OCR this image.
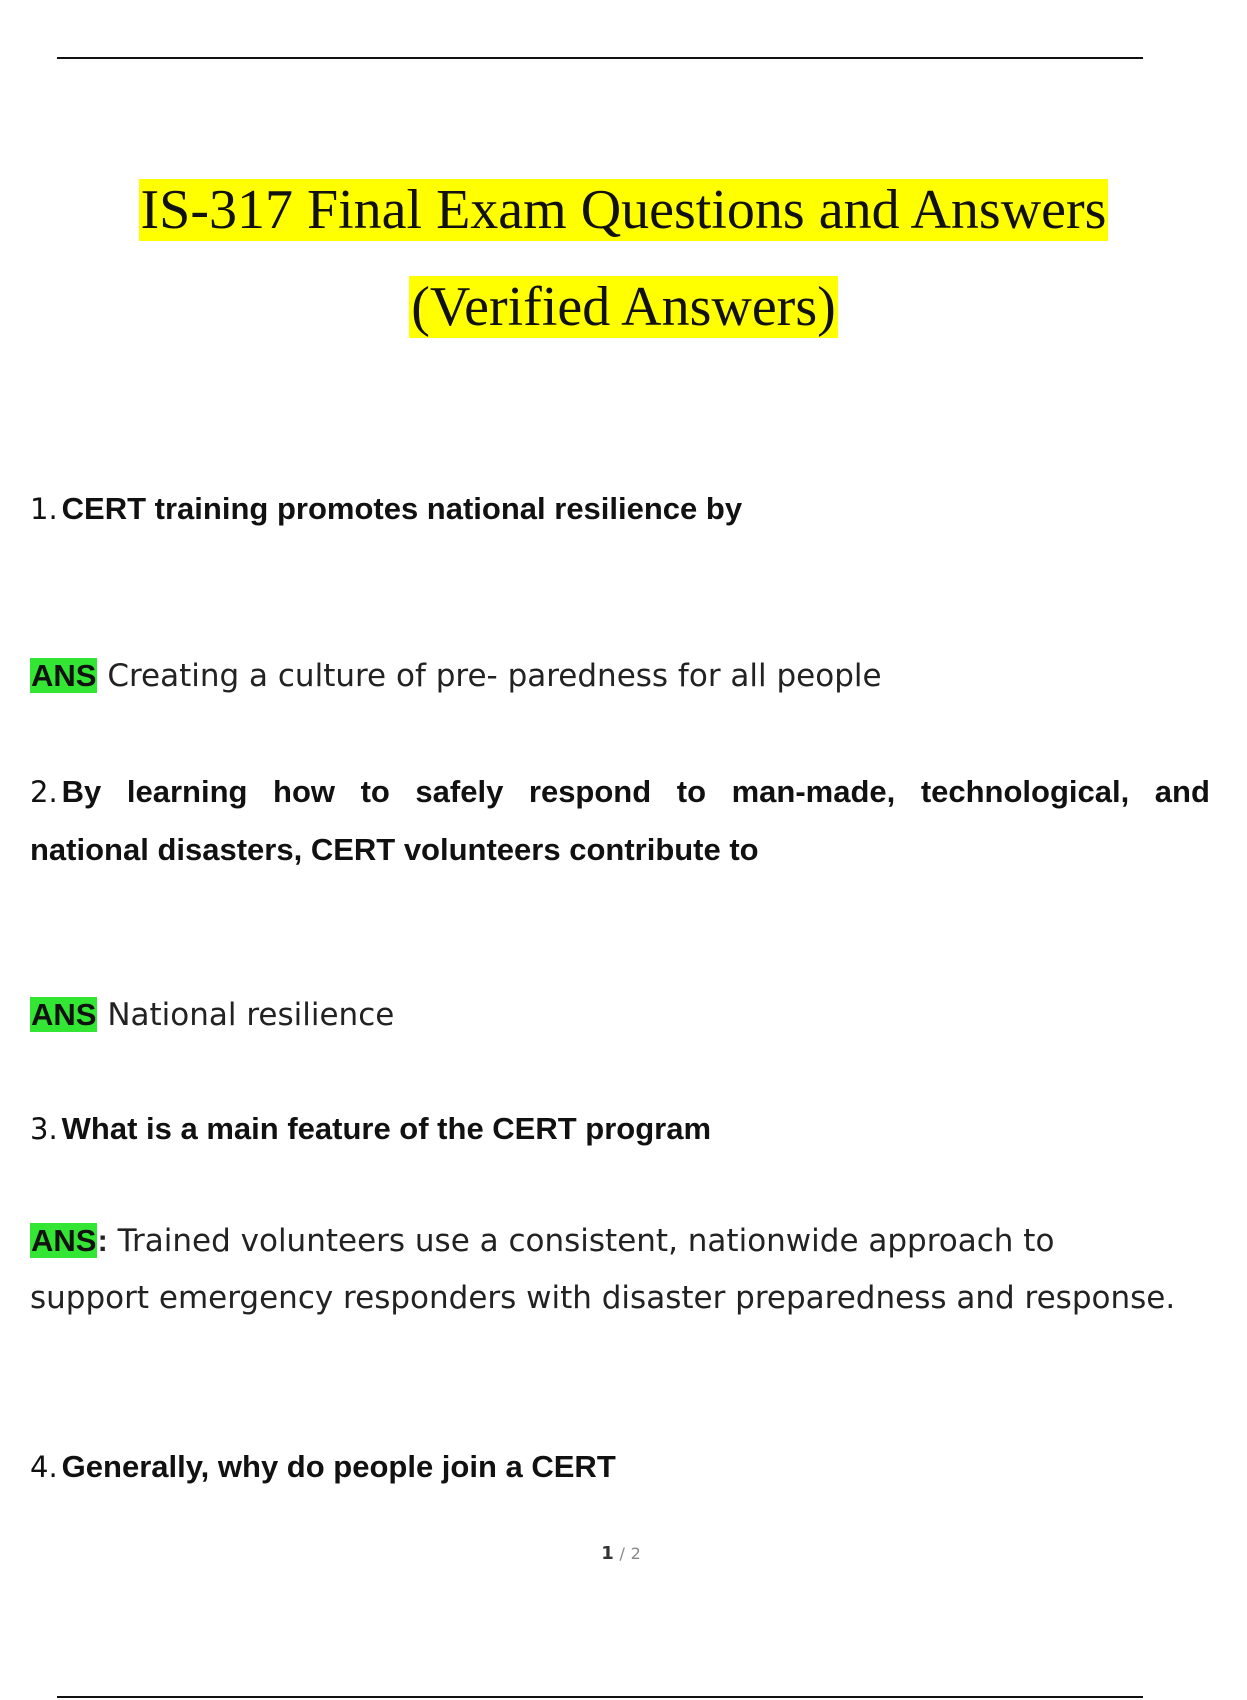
IS-317 Final Exam Questions and Answers
(Verified Answers)
1. CERT training promotes national resilience by
ANS Creating a culture of pre- paredness for all people
2. By learning how to safely respond to man-made, technological, and
national disasters, CERT volunteers contribute to
ANS National resilience
3. What is a main feature of the CERT program
ANS: Trained volunteers use a consistent, nationwide approach to support emergency responders with disaster preparedness and response.
4. Generally, why do people join a CERT
1 / 2
